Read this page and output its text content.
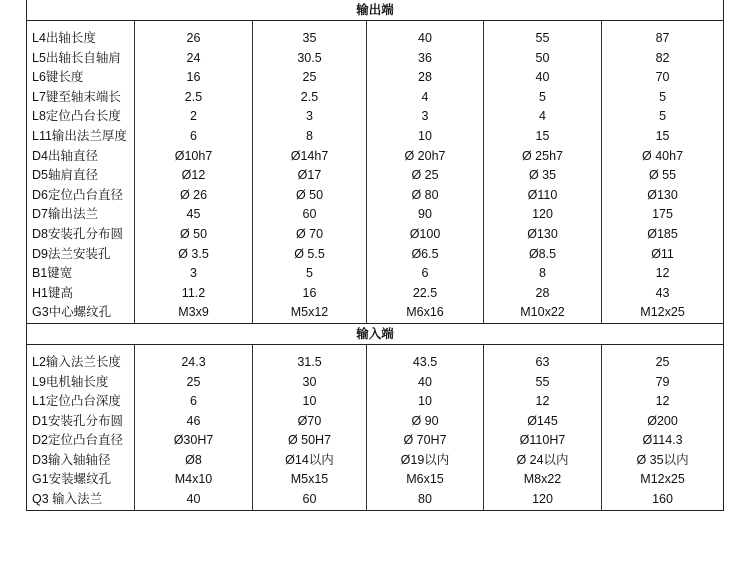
输出端					

L4出轴长度	26	35	40	55	87
L5出轴长自轴肩	24	30.5	36	50	82
L6键长度	16	25	28	40	70
L7键至轴末端长	2.5	2.5	4	5	5
L8定位凸台长度	2	3	3	4	5
L11输出法兰厚度	6	8	10	15	15
D4出轴直径	Ø10h7	Ø14h7	Ø 20h7	Ø 25h7	Ø 40h7
D5轴肩直径	Ø12	Ø17	Ø 25	Ø 35	Ø 55
D6定位凸台直径	Ø 26	Ø 50	Ø 80	Ø110	Ø130
D7输出法兰	45	60	90	120	175
D8安装孔分布圆	Ø 50	Ø 70	Ø100	Ø130	Ø185
D9法兰安装孔	Ø 3.5	Ø 5.5	Ø6.5	Ø8.5	Ø11
B1键宽	3	5	6	8	12
H1键高	11.2	16	22.5	28	43
G3中心螺纹孔	M3x9	M5x12	M6x16	M10x22	M12x25
输入端					

L2输入法兰长度	24.3	31.5	43.5	63	25
L9电机轴长度	25	30	40	55	79
L1定位凸台深度	6	10	10	12	12
D1安装孔分布圆	46	Ø70	Ø 90	Ø145	Ø200
D2定位凸台直径	Ø30H7	Ø 50H7	Ø 70H7	Ø110H7	Ø114.3
D3输入轴轴径	Ø8	Ø14以内	Ø19以内	Ø 24以内	Ø 35以内
G1安装螺纹孔	M4x10	M5x15	M6x15	M8x22	M12x25
Q3 输入法兰	40	60	80	120	160
